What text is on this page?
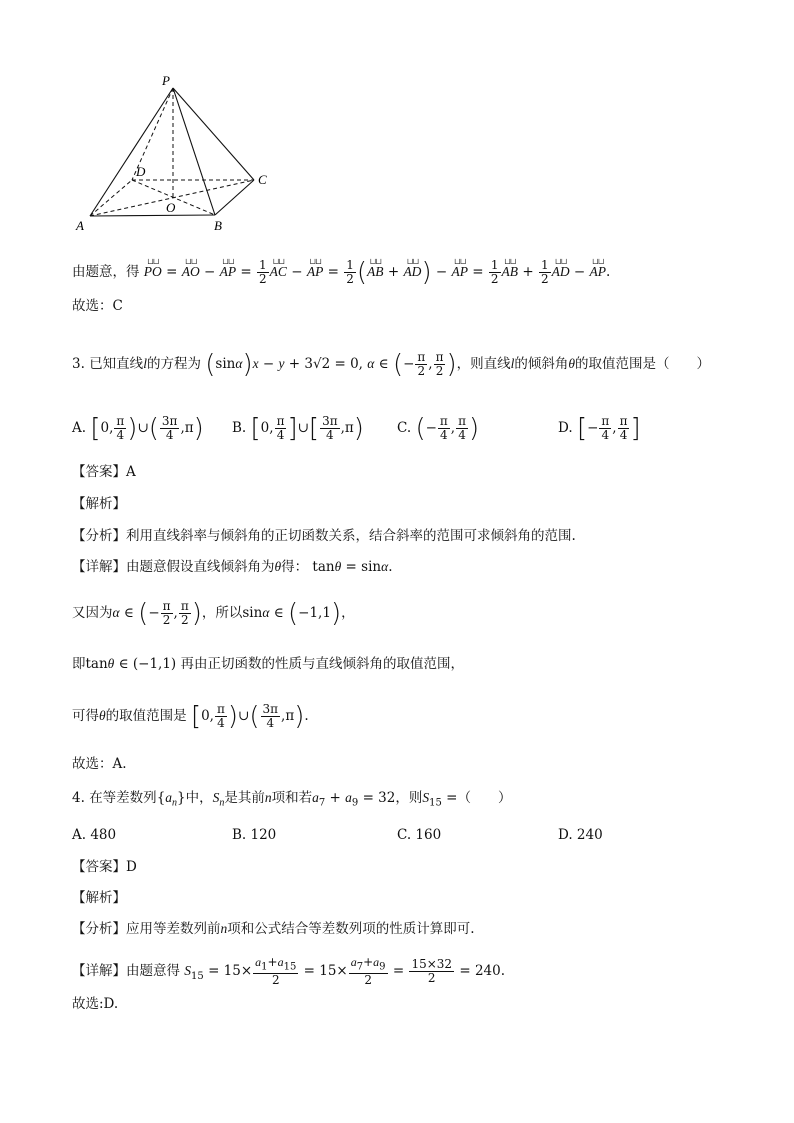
P
A	B
C
D
O
由题意，得 ⊔⊔ PO = ⊔⊔ AO − ⊔⊔ AP = $\frac{1}{2}$ ⊔⊔ AC − ⊔⊔ AP = $\frac{1}{2}$ (⊔⊔ AB + ⊔⊔ AD) − ⊔⊔ AP = $\frac{1}{2}$ ⊔⊔ AB + $\frac{1}{2}$ ⊔⊔ AD − ⊔⊔ AP.
故选：C
3. 已知直线l的方程为 (sinα)x − y + 3√2 = 0, α ∈ (− $\frac{\pi}{2}$ , $\frac{\pi}{2}$ )，则直线l的倾斜角θ的取值范围是（　　）
A. [0, $\frac{\pi}{4}$ )∪( $\frac{3\pi}{4} ,\pi$) B. [0, $\frac{\pi}{4}$ ]∪[ $\frac{3\pi}{4} ,\pi$) C. (− $\frac{\pi}{4}$ , $\frac{\pi}{4}$ )	D. [− $\frac{\pi}{4}$ , $\frac{\pi}{4}$ ]
【答案】A
【解析】
【分析】利用直线斜率与倾斜角的正切函数关系，结合斜率的范围可求倾斜角的范围.
【详解】由题意假设直线倾斜角为θ得： tanθ = sinα.
又因为α ∈ (− $\frac{\pi}{2}$ , $\frac{\pi}{2}$ )，所以sinα ∈ (−1,1)，
即tanθ ∈ (−1,1) 再由正切函数的性质与直线倾斜角的取值范围，
可得θ的取值范围是 [0, $\frac{\pi}{4}$ )∪( $\frac{3\pi}{4} ,\pi$).
故选：A.
4. 在等差数列$\{a_n\}$中，$S_n$是其前n项和若$a_7 + a_9 = 32$，则$S_{15}$ =（　　）
A. 480	B. 120	C. 160	D. 240
【答案】D
【解析】
【分析】应用等差数列前n项和公式结合等差数列项的性质计算即可.
【详解】由题意得 $S_{15} = 15\times \frac{a_1+a_{15}}{2} = 15\times \frac{a_7+a_9}{2} = \frac{15\times 32}{2} = 240$.
故选:D.
